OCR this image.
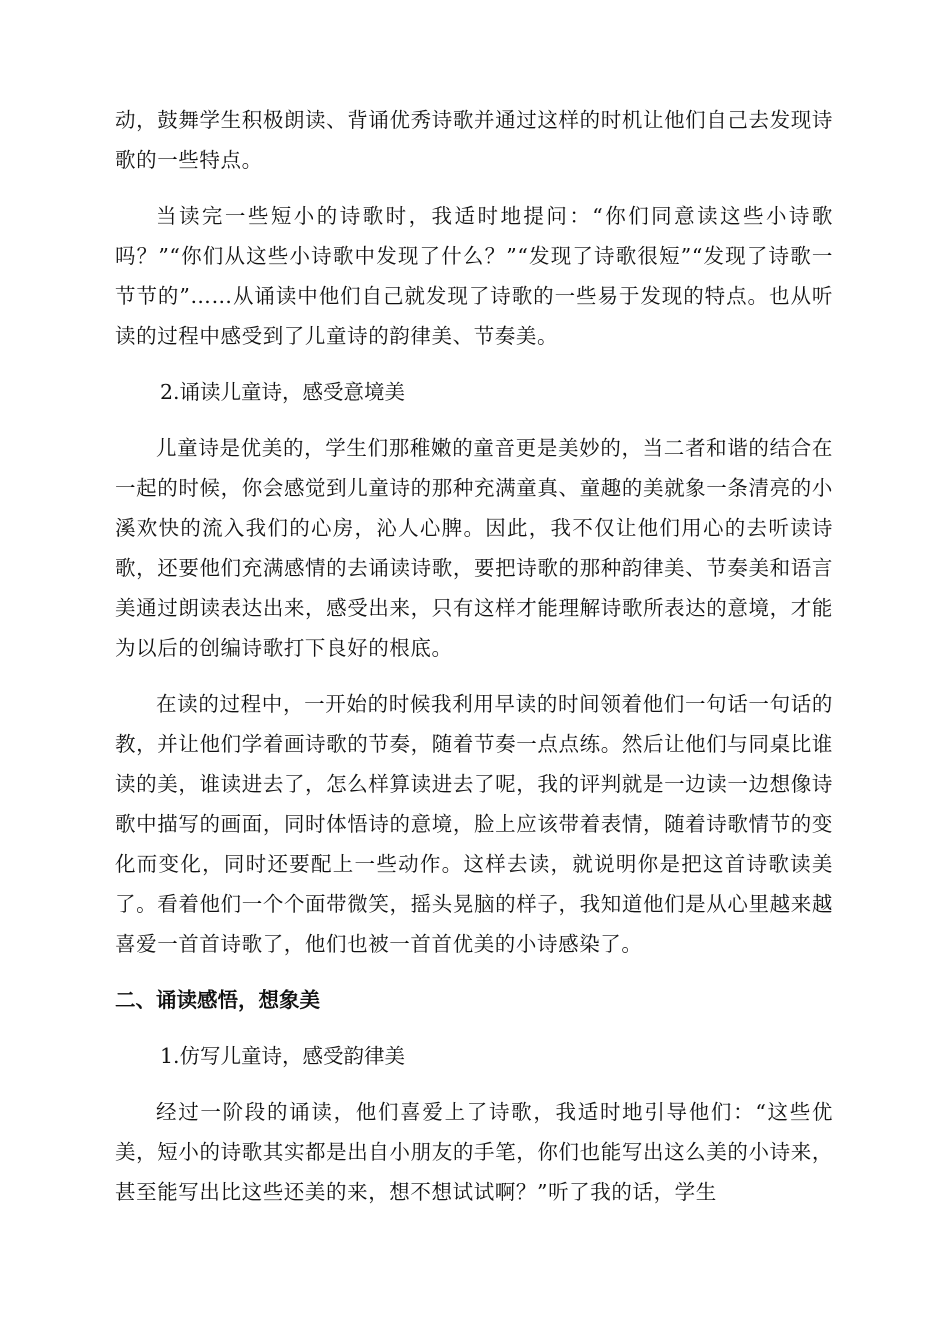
动，鼓舞学生积极朗读、背诵优秀诗歌并通过这样的时机让他们自己去发现诗歌的一些特点。

当读完一些短小的诗歌时，我适时地提问：“你们同意读这些小诗歌吗？”“你们从这些小诗歌中发现了什么？”“发现了诗歌很短”“发现了诗歌一节节的”……从诵读中他们自己就发现了诗歌的一些易于发现的特点。也从听读的过程中感受到了儿童诗的韵律美、节奏美。

2.诵读儿童诗，感受意境美

儿童诗是优美的，学生们那稚嫩的童音更是美妙的，当二者和谐的结合在一起的时候，你会感觉到儿童诗的那种充满童真、童趣的美就象一条清亮的小溪欢快的流入我们的心房，沁人心脾。因此，我不仅让他们用心的去听读诗歌，还要他们充满感情的去诵读诗歌，要把诗歌的那种韵律美、节奏美和语言美通过朗读表达出来，感受出来，只有这样才能理解诗歌所表达的意境，才能为以后的创编诗歌打下良好的根底。

在读的过程中，一开始的时候我利用早读的时间领着他们一句话一句话的教，并让他们学着画诗歌的节奏，随着节奏一点点练。然后让他们与同桌比谁读的美，谁读进去了，怎么样算读进去了呢，我的评判就是一边读一边想像诗歌中描写的画面，同时体悟诗的意境，脸上应该带着表情，随着诗歌情节的变化而变化，同时还要配上一些动作。这样去读，就说明你是把这首诗歌读美了。看着他们一个个面带微笑，摇头晃脑的样子，我知道他们是从心里越来越喜爱一首首诗歌了，他们也被一首首优美的小诗感染了。

二、诵读感悟，想象美

1.仿写儿童诗，感受韵律美

经过一阶段的诵读，他们喜爱上了诗歌，我适时地引导他们：“这些优美，短小的诗歌其实都是出自小朋友的手笔，你们也能写出这么美的小诗来，甚至能写出比这些还美的来，想不想试试啊？”听了我的话，学生
